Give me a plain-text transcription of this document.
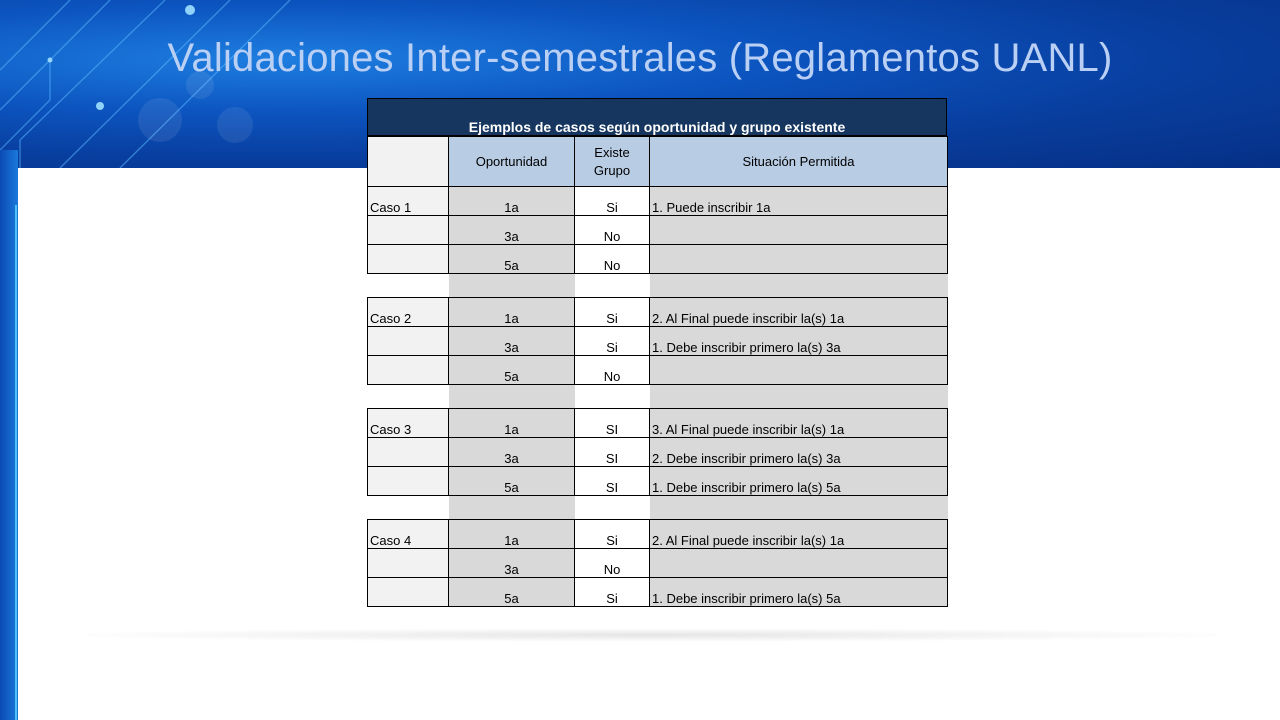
Validaciones Inter-semestrales (Reglamentos UANL)
Ejemplos de casos según oportunidad y grupo existente
	Oportunidad	Existe Grupo	Situación Permitida
Caso 1	1a	Si	1. Puede inscribir 1a
	3a	No	
	5a	No	

Caso 2	1a	Si	2. Al Final puede inscribir la(s) 1a
	3a	Si	1. Debe inscribir primero la(s) 3a
	5a	No	

Caso 3	1a	SI	3. Al Final puede inscribir la(s) 1a
	3a	SI	2. Debe inscribir primero la(s) 3a
	5a	SI	1. Debe inscribir primero la(s) 5a

Caso 4	1a	Si	2. Al Final puede inscribir la(s) 1a
	3a	No	
	5a	Si	1. Debe inscribir primero la(s) 5a
